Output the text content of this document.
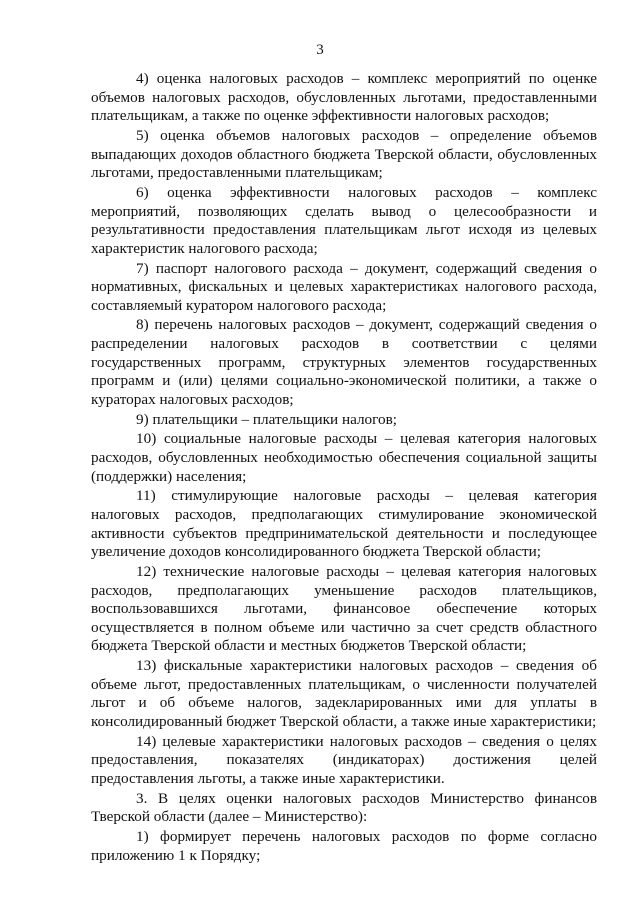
3

4) оценка налоговых расходов – комплекс мероприятий по оценке объемов налоговых расходов, обусловленных льготами, предоставленными плательщикам, а также по оценке эффективности налоговых расходов;

5) оценка объемов налоговых расходов – определение объемов выпадающих доходов областного бюджета Тверской области, обусловленных льготами, предоставленными плательщикам;

6) оценка эффективности налоговых расходов – комплекс мероприятий, позволяющих сделать вывод о целесообразности и результативности предоставления плательщикам льгот исходя из целевых характеристик налогового расхода;

7) паспорт налогового расхода – документ, содержащий сведения о нормативных, фискальных и целевых характеристиках налогового расхода, составляемый куратором налогового расхода;

8) перечень налоговых расходов – документ, содержащий сведения о распределении налоговых расходов в соответствии с целями государственных программ, структурных элементов государственных программ и (или) целями социально-экономической политики, а также о кураторах налоговых расходов;

9) плательщики – плательщики налогов;

10) социальные налоговые расходы – целевая категория налоговых расходов, обусловленных необходимостью обеспечения социальной защиты (поддержки) населения;

11) стимулирующие налоговые расходы – целевая категория налоговых расходов, предполагающих стимулирование экономической активности субъектов предпринимательской деятельности и последующее увеличение доходов консолидированного бюджета Тверской области;

12) технические налоговые расходы – целевая категория налоговых расходов, предполагающих уменьшение расходов плательщиков, воспользовавшихся льготами, финансовое обеспечение которых осуществляется в полном объеме или частично за счет средств областного бюджета Тверской области и местных бюджетов Тверской области;

13) фискальные характеристики налоговых расходов – сведения об объеме льгот, предоставленных плательщикам, о численности получателей льгот и об объеме налогов, задекларированных ими для уплаты в консолидированный бюджет Тверской области, а также иные характеристики;

14) целевые характеристики налоговых расходов – сведения о целях предоставления, показателях (индикаторах) достижения целей предоставления льготы, а также иные характеристики.

3. В целях оценки налоговых расходов Министерство финансов Тверской области (далее – Министерство):

1) формирует перечень налоговых расходов по форме согласно приложению 1 к Порядку;
